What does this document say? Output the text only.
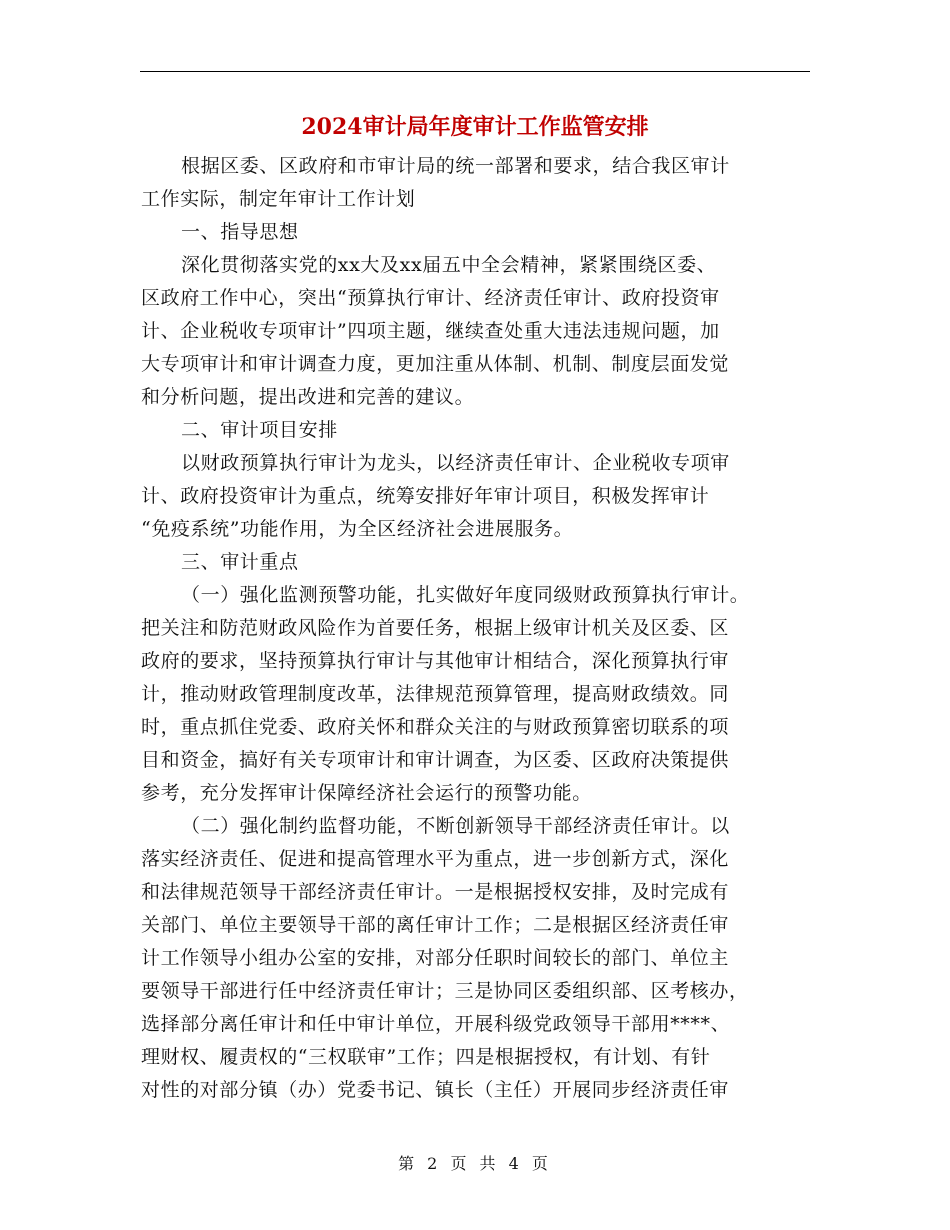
2024审计局年度审计工作监管安排
根据区委、区政府和市审计局的统一部署和要求，结合我区审计
工作实际，制定年审计工作计划
一、指导思想
深化贯彻落实党的xx大及xx届五中全会精神，紧紧围绕区委、
区政府工作中心，突出“预算执行审计、经济责任审计、政府投资审
计、企业税收专项审计”四项主题，继续查处重大违法违规问题，加
大专项审计和审计调查力度，更加注重从体制、机制、制度层面发觉
和分析问题，提出改进和完善的建议。
二、审计项目安排
以财政预算执行审计为龙头，以经济责任审计、企业税收专项审
计、政府投资审计为重点，统筹安排好年审计项目，积极发挥审计
“免疫系统”功能作用，为全区经济社会进展服务。
三、审计重点
（一）强化监测预警功能，扎实做好年度同级财政预算执行审计。
把关注和防范财政风险作为首要任务，根据上级审计机关及区委、区
政府的要求，坚持预算执行审计与其他审计相结合，深化预算执行审
计，推动财政管理制度改革，法律规范预算管理，提高财政绩效。同
时，重点抓住党委、政府关怀和群众关注的与财政预算密切联系的项
目和资金，搞好有关专项审计和审计调查，为区委、区政府决策提供
参考，充分发挥审计保障经济社会运行的预警功能。
（二）强化制约监督功能，不断创新领导干部经济责任审计。以
落实经济责任、促进和提高管理水平为重点，进一步创新方式，深化
和法律规范领导干部经济责任审计。一是根据授权安排，及时完成有
关部门、单位主要领导干部的离任审计工作；二是根据区经济责任审
计工作领导小组办公室的安排，对部分任职时间较长的部门、单位主
要领导干部进行任中经济责任审计；三是协同区委组织部、区考核办，
选择部分离任审计和任中审计单位，开展科级党政领导干部用****、
理财权、履责权的“三权联审”工作；四是根据授权，有计划、有针
对性的对部分镇（办）党委书记、镇长（主任）开展同步经济责任审
第 2 页 共 4 页
